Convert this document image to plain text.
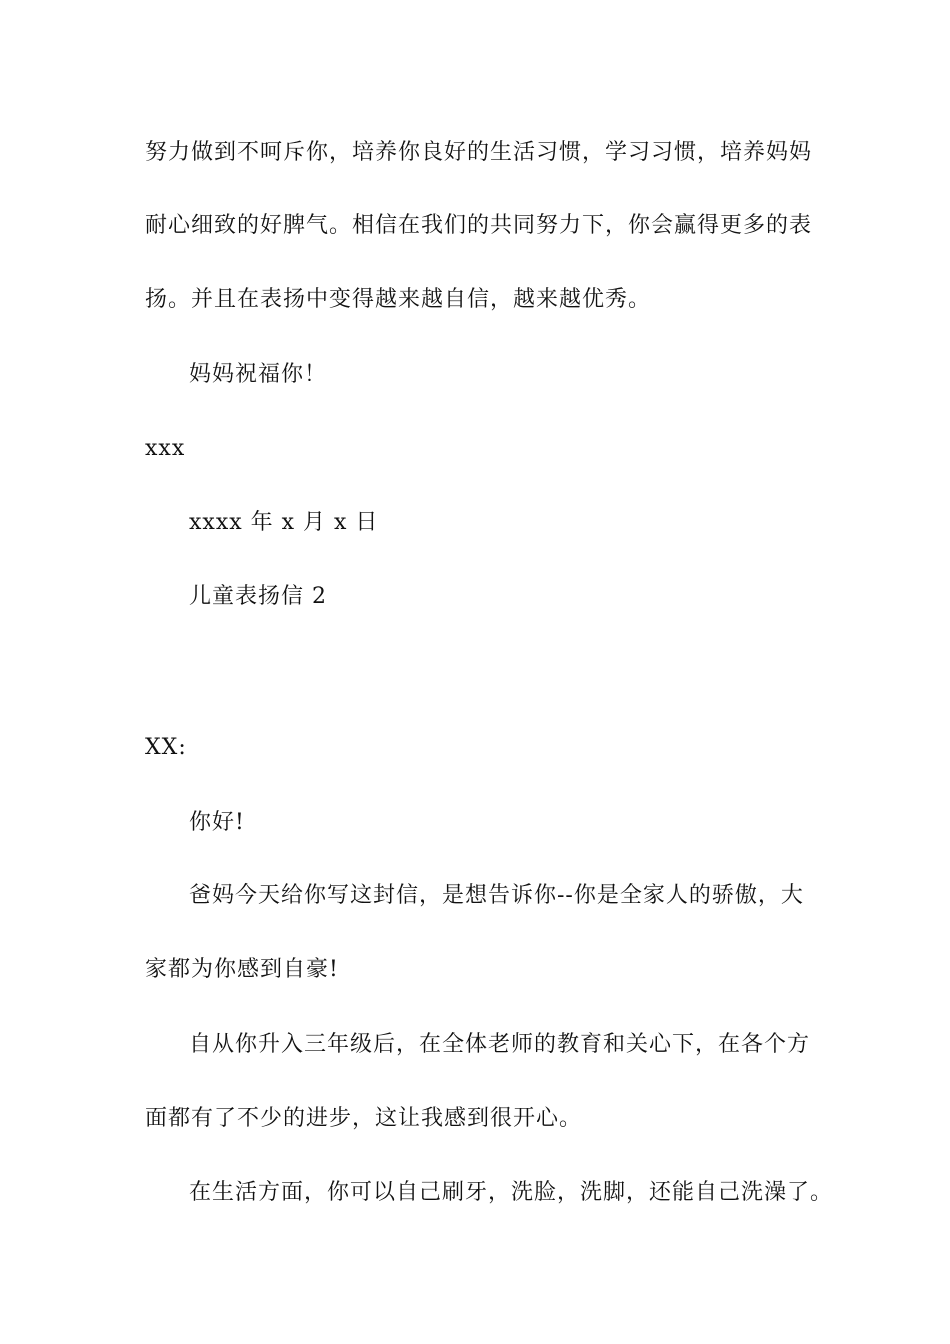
努力做到不呵斥你，培养你良好的生活习惯，学习习惯，培养妈妈
耐心细致的好脾气。相信在我们的共同努力下，你会赢得更多的表
扬。并且在表扬中变得越来越自信，越来越优秀。
妈妈祝福你！
xxx
xxxx 年 x 月 x 日
儿童表扬信 2
XX:
你好!
爸妈今天给你写这封信，是想告诉你--你是全家人的骄傲，大
家都为你感到自豪!
自从你升入三年级后，在全体老师的教育和关心下，在各个方
面都有了不少的进步，这让我感到很开心。
在生活方面，你可以自己刷牙，洗脸，洗脚，还能自己洗澡了。
